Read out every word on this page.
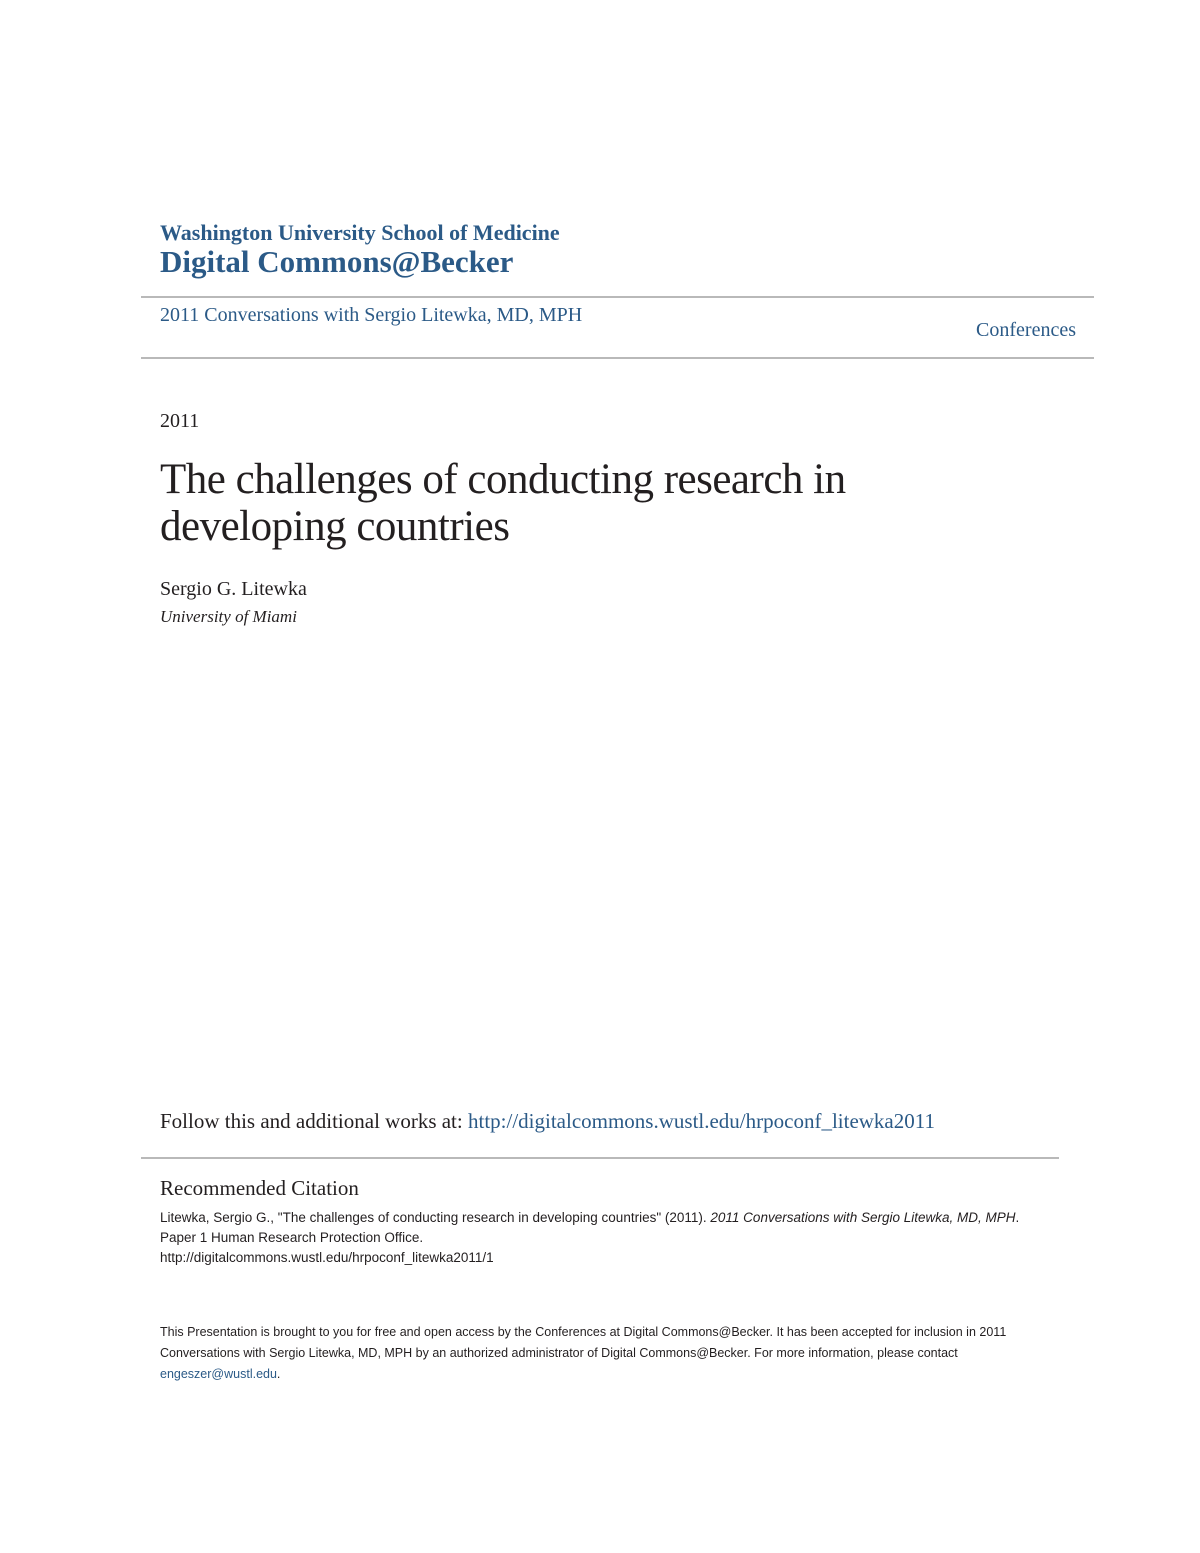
Washington University School of Medicine
Digital Commons@Becker
2011 Conversations with Sergio Litewka, MD, MPH
Conferences
2011
The challenges of conducting research in developing countries
Sergio G. Litewka
University of Miami
Follow this and additional works at: http://digitalcommons.wustl.edu/hrpoconf_litewka2011
Recommended Citation
Litewka, Sergio G., "The challenges of conducting research in developing countries" (2011). 2011 Conversations with Sergio Litewka, MD, MPH. Paper 1 Human Research Protection Office.
http://digitalcommons.wustl.edu/hrpoconf_litewka2011/1
This Presentation is brought to you for free and open access by the Conferences at Digital Commons@Becker. It has been accepted for inclusion in 2011 Conversations with Sergio Litewka, MD, MPH by an authorized administrator of Digital Commons@Becker. For more information, please contact engeszer@wustl.edu.
